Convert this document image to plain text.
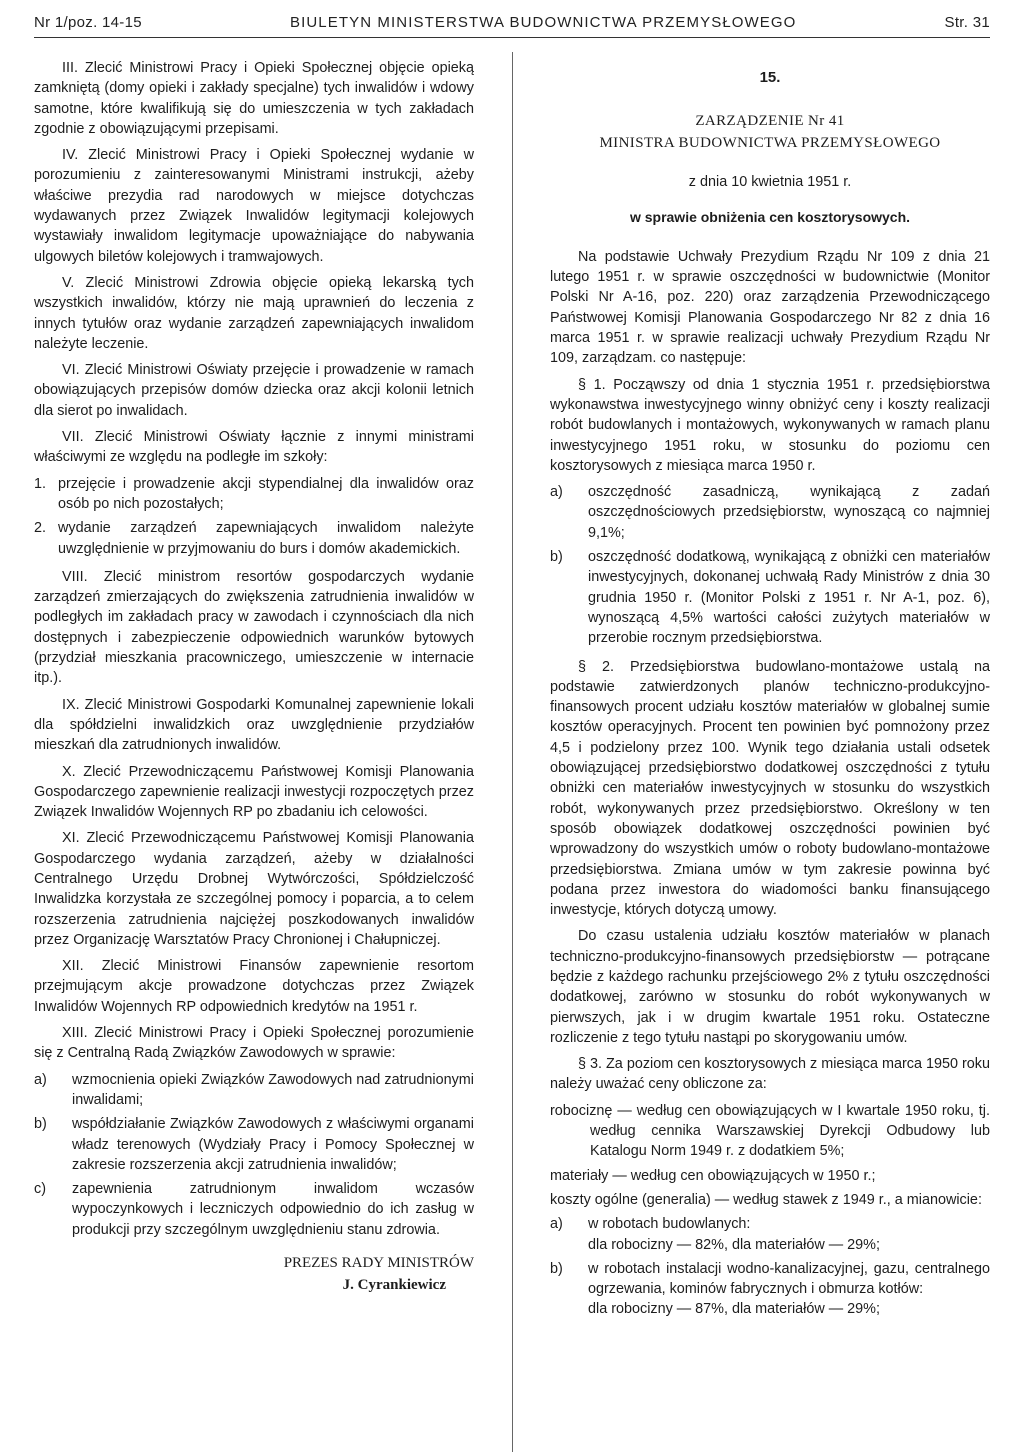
Nr 1/poz. 14-15	BIULETYN MINISTERSTWA BUDOWNICTWA PRZEMYSŁOWEGO	Str. 31

III. Zlecić Ministrowi Pracy i Opieki Społecznej objęcie opieką zamkniętą (domy opieki i zakłady specjalne) tych inwalidów i wdowy samotne, które kwalifikują się do umieszczenia w tych zakładach zgodnie z obowiązującymi przepisami.

IV. Zlecić Ministrowi Pracy i Opieki Społecznej wydanie w porozumieniu z zainteresowanymi Ministrami instrukcji, ażeby właściwe prezydia rad narodowych w miejsce dotychczas wydawanych przez Związek Inwalidów legitymacji kolejowych wystawiały inwalidom legitymacje upoważniające do nabywania ulgowych biletów kolejowych i tramwajowych.

V. Zlecić Ministrowi Zdrowia objęcie opieką lekarską tych wszystkich inwalidów, którzy nie mają uprawnień do leczenia z innych tytułów oraz wydanie zarządzeń zapewniających inwalidom należyte leczenie.

VI. Zlecić Ministrowi Oświaty przejęcie i prowadzenie w ramach obowiązujących przepisów domów dziecka oraz akcji kolonii letnich dla sierot po inwalidach.

VII. Zlecić Ministrowi Oświaty łącznie z innymi ministrami właściwymi ze względu na podległe im szkoły:

1. przejęcie i prowadzenie akcji stypendialnej dla inwalidów oraz osób po nich pozostałych;
2. wydanie zarządzeń zapewniających inwalidom należyte uwzględnienie w przyjmowaniu do burs i domów akademickich.

VIII. Zlecić ministrom resortów gospodarczych wydanie zarządzeń zmierzających do zwiększenia zatrudnienia inwalidów w podległych im zakładach pracy w zawodach i czynnościach dla nich dostępnych i zabezpieczenie odpowiednich warunków bytowych (przydział mieszkania pracowniczego, umieszczenie w internacie itp.).

IX. Zlecić Ministrowi Gospodarki Komunalnej zapewnienie lokali dla spółdzielni inwalidzkich oraz uwzględnienie przydziałów mieszkań dla zatrudnionych inwalidów.

X. Zlecić Przewodniczącemu Państwowej Komisji Planowania Gospodarczego zapewnienie realizacji inwestycji rozpoczętych przez Związek Inwalidów Wojennych RP po zbadaniu ich celowości.

XI. Zlecić Przewodniczącemu Państwowej Komisji Planowania Gospodarczego wydania zarządzeń, ażeby w działalności Centralnego Urzędu Drobnej Wytwórczości, Spółdzielczość Inwalidzka korzystała ze szczególnej pomocy i poparcia, a to celem rozszerzenia zatrudnienia najciężej poszkodowanych inwalidów przez Organizację Warsztatów Pracy Chronionej i Chałupniczej.

XII. Zlecić Ministrowi Finansów zapewnienie resortom przejmującym akcje prowadzone dotychczas przez Związek Inwalidów Wojennych RP odpowiednich kredytów na 1951 r.

XIII. Zlecić Ministrowi Pracy i Opieki Społecznej porozumienie się z Centralną Radą Związków Zawodowych w sprawie:

a)	wzmocnienia opieki Związków Zawodowych nad zatrudnionymi inwalidami;
b)	współdziałanie Związków Zawodowych z właściwymi organami władz terenowych (Wydziały Pracy i Pomocy Społecznej w zakresie rozszerzenia akcji zatrudnienia inwalidów;
c)	zapewnienia zatrudnionym inwalidom wczasów wypoczynkowych i leczniczych odpowiednio do ich zasług w produkcji przy szczególnym uwzględnieniu stanu zdrowia.
PREZES RADY MINISTRÓW
J. Cyrankiewicz
15.
ZARZĄDZENIE Nr 41
MINISTRA BUDOWNICTWA PRZEMYSŁOWEGO
z dnia 10 kwietnia 1951 r.
w sprawie obniżenia cen kosztorysowych.

Na podstawie Uchwały Prezydium Rządu Nr 109 z dnia 21 lutego 1951 r. w sprawie oszczędności w budownictwie (Monitor Polski Nr A-16, poz. 220) oraz zarządzenia Przewodniczącego Państwowej Komisji Planowania Gospodarczego Nr 82 z dnia 16 marca 1951 r. w sprawie realizacji uchwały Prezydium Rządu Nr 109, zarządzam. co następuje:

§ 1. Począwszy od dnia 1 stycznia 1951 r. przedsiębiorstwa wykonawstwa inwestycyjnego winny obniżyć ceny i koszty realizacji robót budowlanych i montażowych, wykonywanych w ramach planu inwestycyjnego 1951 roku, w stosunku do poziomu cen kosztorysowych z miesiąca marca 1950 r.

a)	oszczędność zasadniczą, wynikającą z zadań oszczędnościowych przedsiębiorstw, wynoszącą co najmniej 9,1%;
b)	oszczędność dodatkową, wynikającą z obniżki cen materiałów inwestycyjnych, dokonanej uchwałą Rady Ministrów z dnia 30 grudnia 1950 r. (Monitor Polski z 1951 r. Nr A-1, poz. 6), wynoszącą 4,5% wartości całości zużytych materiałów w przerobie rocznym przedsiębiorstwa.

§ 2. Przedsiębiorstwa budowlano-montażowe ustalą na podstawie zatwierdzonych planów techniczno-produkcyjno-finansowych procent udziału kosztów materiałów w globalnej sumie kosztów operacyjnych. Procent ten powinien być pomnożony przez 4,5 i podzielony przez 100. Wynik tego działania ustali odsetek obowiązującej przedsiębiorstwo dodatkowej oszczędności z tytułu obniżki cen materiałów inwestycyjnych w stosunku do wszystkich robót, wykonywanych przez przedsiębiorstwo. Określony w ten sposób obowiązek dodatkowej oszczędności powinien być wprowadzony do wszystkich umów o roboty budowlano-montażowe przedsiębiorstwa. Zmiana umów w tym zakresie powinna być podana przez inwestora do wiadomości banku finansującego inwestycje, których dotyczą umowy.

Do czasu ustalenia udziału kosztów materiałów w planach techniczno-produkcyjno-finansowych przedsiębiorstw — potrącane będzie z każdego rachunku przejściowego 2% z tytułu oszczędności dodatkowej, zarówno w stosunku do robót wykonywanych w pierwszych, jak i w drugim kwartale 1951 roku. Ostateczne rozliczenie z tego tytułu nastąpi po skorygowaniu umów.

§ 3. Za poziom cen kosztorysowych z miesiąca marca 1950 roku należy uważać ceny obliczone za:

robociznę — według cen obowiązujących w I kwartale 1950 roku, tj. według cennika Warszawskiej Dyrekcji Odbudowy lub Katalogu Norm 1949 r. z dodatkiem 5%;

materiały — według cen obowiązujących w 1950 r.;

koszty ogólne (generalia) — według stawek z 1949 r., a mianowicie:

a)	w robotach budowlanych:
dla robocizny — 82%, dla materiałów — 29%;
b)	w robotach instalacji wodno-kanalizacyjnej, gazu, centralnego ogrzewania, kominów fabrycznych i obmurza kotłów:
dla robocizny — 87%, dla materiałów — 29%;
